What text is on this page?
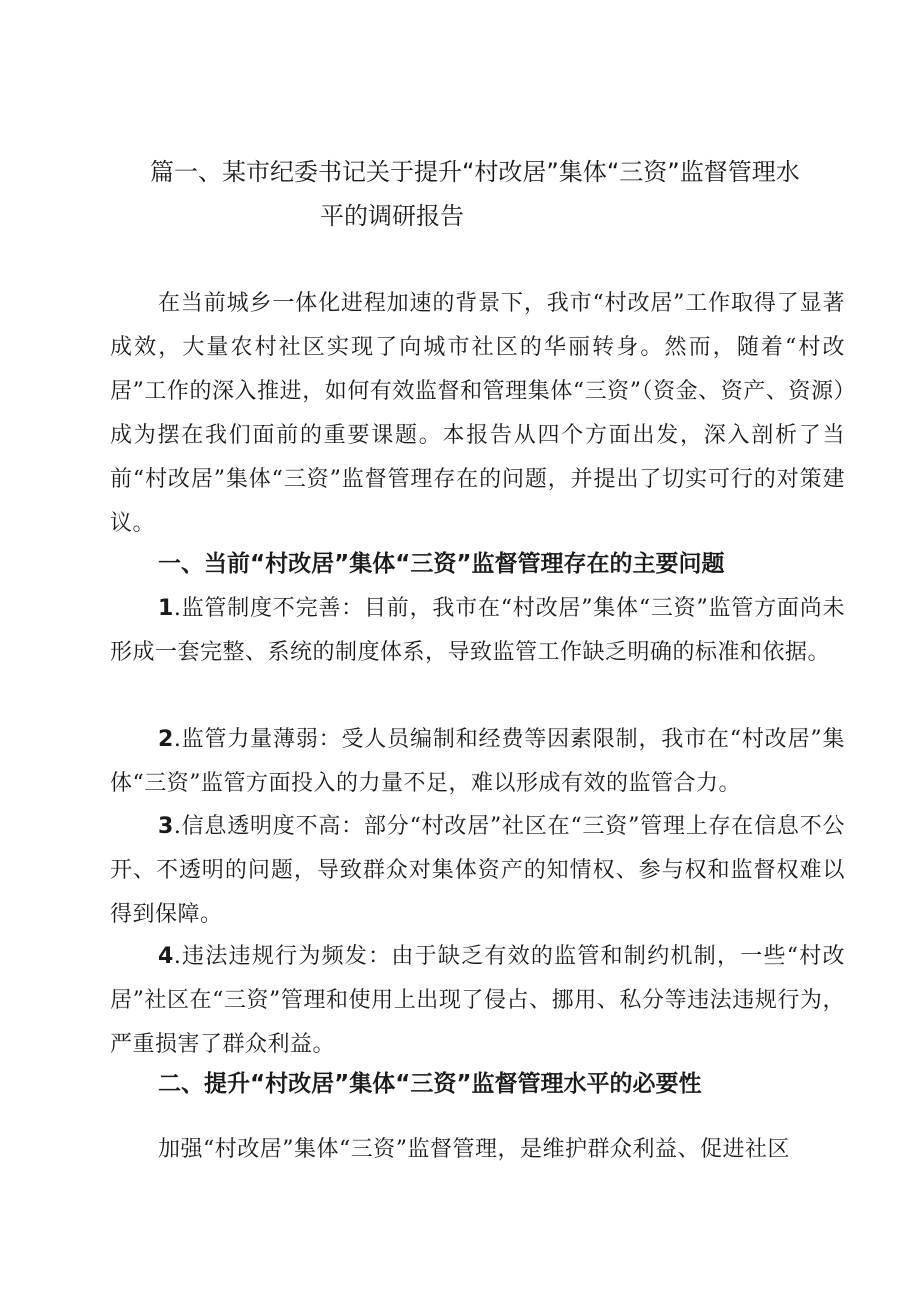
篇一、某市纪委书记关于提升“村改居”集体“三资”监督管理水
平的调研报告

在当前城乡一体化进程加速的背景下，我市“村改居”工作取得了显著成效，大量农村社区实现了向城市社区的华丽转身。然而，随着“村改居”工作的深入推进，如何有效监督和管理集体“三资”（资金、资产、资源）成为摆在我们面前的重要课题。本报告从四个方面出发，深入剖析了当前“村改居”集体“三资”监督管理存在的问题，并提出了切实可行的对策建议。

一、当前“村改居”集体“三资”监督管理存在的主要问题

1.监管制度不完善：目前，我市在“村改居”集体“三资”监管方面尚未形成一套完整、系统的制度体系，导致监管工作缺乏明确的标准和依据。

2.监管力量薄弱：受人员编制和经费等因素限制，我市在“村改居”集体“三资”监管方面投入的力量不足，难以形成有效的监管合力。

3.信息透明度不高：部分“村改居”社区在“三资”管理上存在信息不公开、不透明的问题，导致群众对集体资产的知情权、参与权和监督权难以得到保障。

4.违法违规行为频发：由于缺乏有效的监管和制约机制，一些“村改居”社区在“三资”管理和使用上出现了侵占、挪用、私分等违法违规行为，严重损害了群众利益。

二、提升“村改居”集体“三资”监督管理水平的必要性

加强“村改居”集体“三资”监督管理，是维护群众利益、促进社区
